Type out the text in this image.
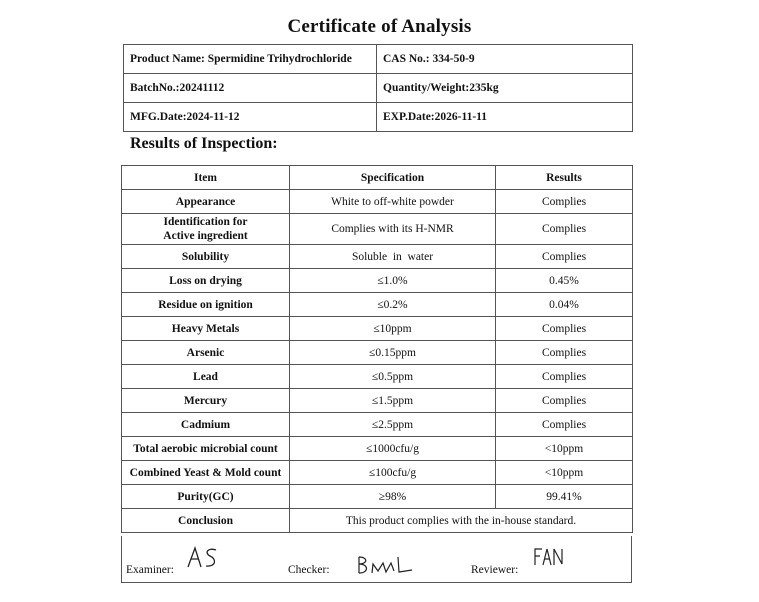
Certificate of Analysis
Product Name: Spermidine Trihydrochloride	CAS No.: 334-50-9
BatchNo.:20241112	Quantity/Weight:235kg
MFG.Date:2024-11-12	EXP.Date:2026-11-11
Results of Inspection:
Item	Specification	Results
Appearance	White to off-white powder	Complies
Identification for
Active ingredient	Complies with its H-NMR	Complies
Solubility	Soluble  in  water	Complies
Loss on drying	≤1.0%	0.45%
Residue on ignition	≤0.2%	0.04%
Heavy Metals	≤10ppm	Complies
Arsenic	≤0.15ppm	Complies
Lead	≤0.5ppm	Complies
Mercury	≤1.5ppm	Complies
Cadmium	≤2.5ppm	Complies
Total aerobic microbial count	≤1000cfu/g	<10ppm
Combined Yeast & Mold count	≤100cfu/g	<10ppm
Purity(GC)	≥98%	99.41%
Conclusion	This product complies with the in-house standard.	
Examiner:	Checker:	Reviewer:
